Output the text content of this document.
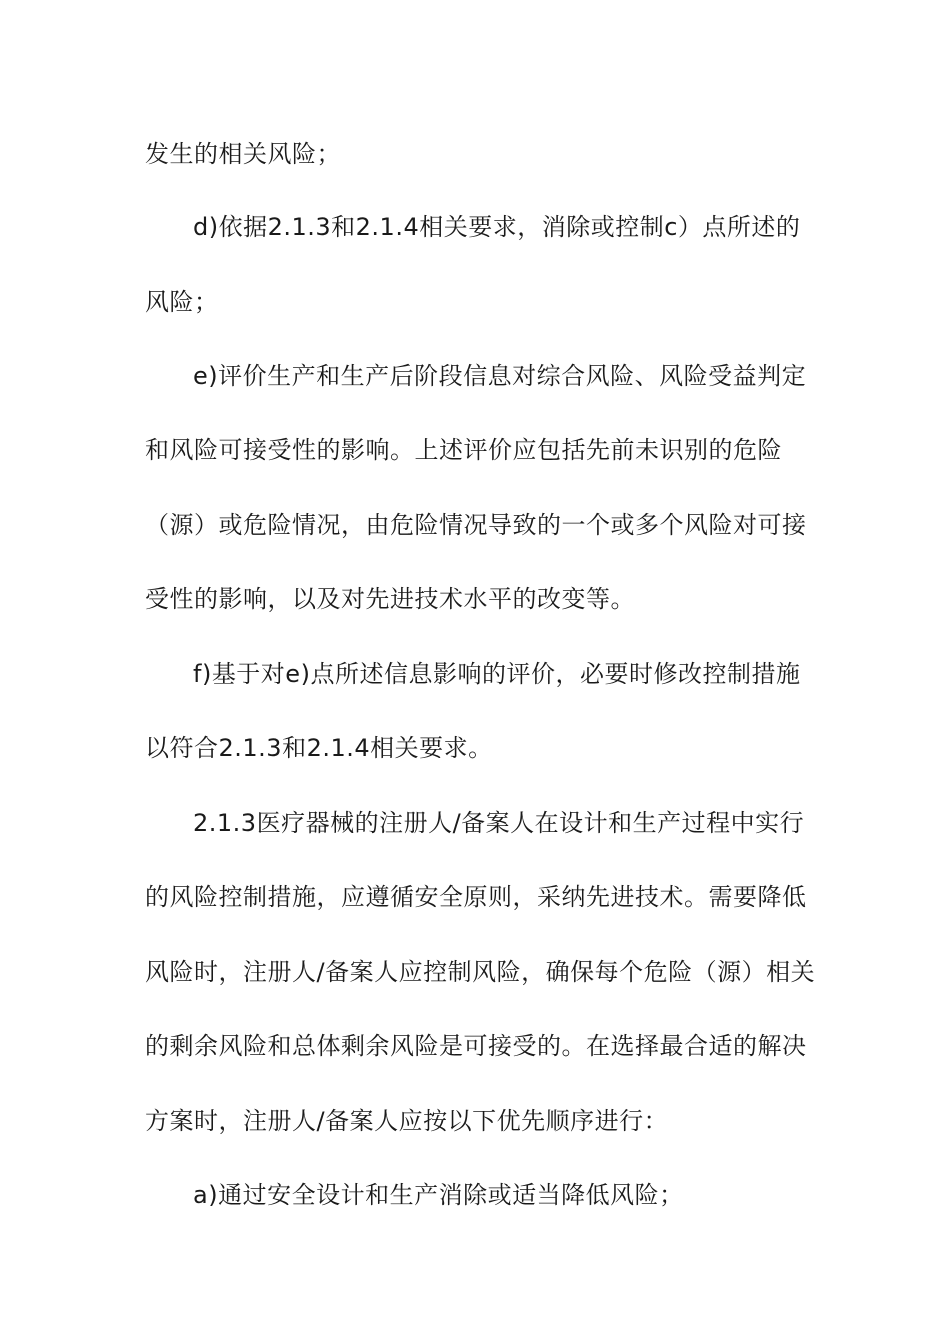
发生的相关风险；
d)依据2.1.3和2.1.4相关要求，消除或控制c）点所述的
风险；
e)评价生产和生产后阶段信息对综合风险、风险受益判定
和风险可接受性的影响。上述评价应包括先前未识别的危险
（源）或危险情况，由危险情况导致的一个或多个风险对可接
受性的影响，以及对先进技术水平的改变等。
f)基于对e)点所述信息影响的评价，必要时修改控制措施
以符合2.1.3和2.1.4相关要求。
2.1.3医疗器械的注册人/备案人在设计和生产过程中实行
的风险控制措施，应遵循安全原则，采纳先进技术。需要降低
风险时，注册人/备案人应控制风险，确保每个危险（源）相关
的剩余风险和总体剩余风险是可接受的。在选择最合适的解决
方案时，注册人/备案人应按以下优先顺序进行：
a)通过安全设计和生产消除或适当降低风险；
